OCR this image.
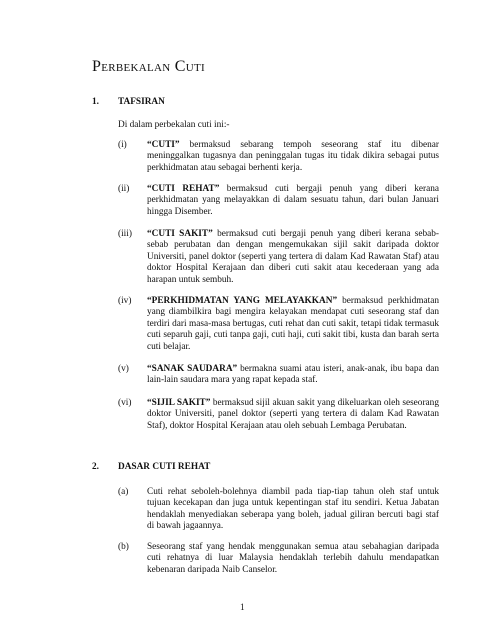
Perbekalan Cuti
1. TAFSIRAN
Di dalam perbekalan cuti ini:-
(i) “CUTI” bermaksud sebarang tempoh seseorang staf itu dibenar meninggalkan tugasnya dan peninggalan tugas itu tidak dikira sebagai putus perkhidmatan atau sebagai berhenti kerja.
(ii) “CUTI REHAT” bermaksud cuti bergaji penuh yang diberi kerana perkhidmatan yang melayakkan di dalam sesuatu tahun, dari bulan Januari hingga Disember.
(iii) “CUTI SAKIT” bermaksud cuti bergaji penuh yang diberi kerana sebab-sebab perubatan dan dengan mengemukakan sijil sakit daripada doktor Universiti, panel doktor (seperti yang tertera di dalam Kad Rawatan Staf) atau doktor Hospital Kerajaan dan diberi cuti sakit atau kecederaan yang ada harapan untuk sembuh.
(iv) “PERKHIDMATAN YANG MELAYAKKAN” bermaksud perkhidmatan yang diambilkira bagi mengira kelayakan mendapat cuti seseorang staf dan terdiri dari masa-masa bertugas, cuti rehat dan cuti sakit, tetapi tidak termasuk cuti separuh gaji, cuti tanpa gaji, cuti haji, cuti sakit tibi, kusta dan barah serta cuti belajar.
(v) “SANAK SAUDARA” bermakna suami atau isteri, anak-anak, ibu bapa dan lain-lain saudara mara yang rapat kepada staf.
(vi) “SIJIL SAKIT” bermaksud sijil akuan sakit yang dikeluarkan oleh seseorang doktor Universiti, panel doktor (seperti yang tertera di dalam Kad Rawatan Staf), doktor Hospital Kerajaan atau oleh sebuah Lembaga Perubatan.
2. DASAR CUTI REHAT
(a) Cuti rehat seboleh-bolehnya diambil pada tiap-tiap tahun oleh staf untuk tujuan kecekapan dan juga untuk kepentingan staf itu sendiri. Ketua Jabatan hendaklah menyediakan seberapa yang boleh, jadual giliran bercuti bagi staf di bawah jagaannya.
(b) Seseorang staf yang hendak menggunakan semua atau sebahagian daripada cuti rehatnya di luar Malaysia hendaklah terlebih dahulu mendapatkan kebenaran daripada Naib Canselor.
1
